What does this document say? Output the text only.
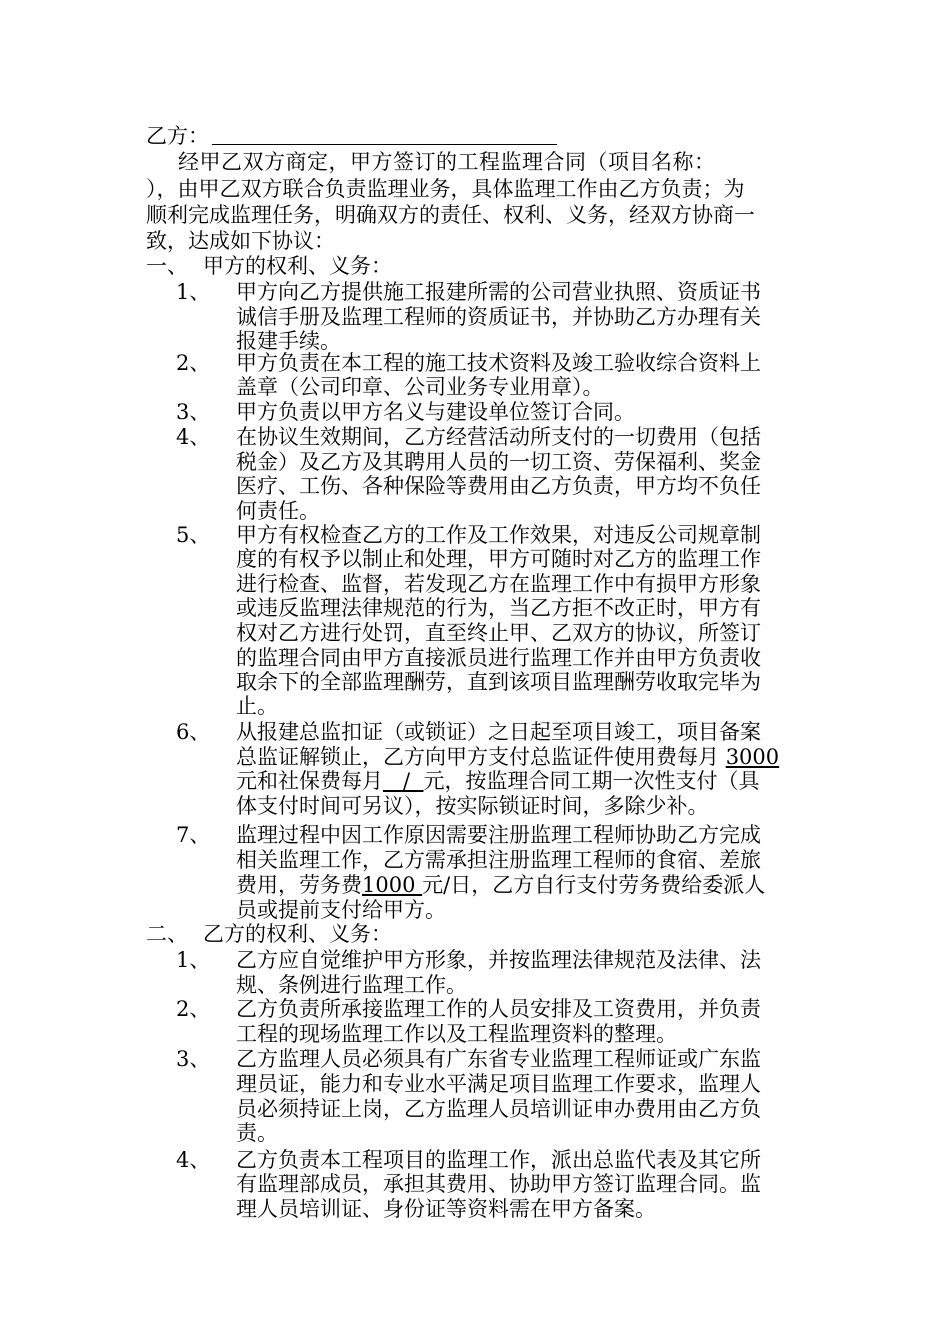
乙方：
经甲乙双方商定，甲方签订的工程监理合同（项目名称：
），由甲乙双方联合负责监理业务，具体监理工作由乙方负责；为
顺利完成监理任务，明确双方的责任、权利、义务，经双方协商一
致，达成如下协议：
一、 甲方的权利、义务：
1、 甲方向乙方提供施工报建所需的公司营业执照、资质证书
诚信手册及监理工程师的资质证书，并协助乙方办理有关
报建手续。
2、 甲方负责在本工程的施工技术资料及竣工验收综合资料上
盖章（公司印章、公司业务专业用章）。
3、 甲方负责以甲方名义与建设单位签订合同。
4、 在协议生效期间，乙方经营活动所支付的一切费用（包括
税金）及乙方及其聘用人员的一切工资、劳保福利、奖金
医疗、工伤、各种保险等费用由乙方负责，甲方均不负任
何责任。
5、 甲方有权检查乙方的工作及工作效果，对违反公司规章制
度的有权予以制止和处理，甲方可随时对乙方的监理工作
进行检查、监督，若发现乙方在监理工作中有损甲方形象
或违反监理法律规范的行为，当乙方拒不改正时，甲方有
权对乙方进行处罚，直至终止甲、乙双方的协议，所签订
的监理合同由甲方直接派员进行监理工作并由甲方负责收
取余下的全部监理酬劳，直到该项目监理酬劳收取完毕为
止。
6、 从报建总监扣证（或锁证）之日起至项目竣工，项目备案
总监证解锁止，乙方向甲方支付总监证件使用费每月 3000
元和社保费每月   /  元，按监理合同工期一次性支付（具
体支付时间可另议），按实际锁证时间，多除少补。
7、 监理过程中因工作原因需要注册监理工程师协助乙方完成
相关监理工作，乙方需承担注册监理工程师的食宿、差旅
费用，劳务费1000 元/日，乙方自行支付劳务费给委派人
员或提前支付给甲方。
二、 乙方的权利、义务：
1、 乙方应自觉维护甲方形象，并按监理法律规范及法律、法
规、条例进行监理工作。
2、 乙方负责所承接监理工作的人员安排及工资费用，并负责
工程的现场监理工作以及工程监理资料的整理。
3、 乙方监理人员必须具有广东省专业监理工程师证或广东监
理员证，能力和专业水平满足项目监理工作要求，监理人
员必须持证上岗，乙方监理人员培训证申办费用由乙方负
责。
4、 乙方负责本工程项目的监理工作，派出总监代表及其它所
有监理部成员，承担其费用、协助甲方签订监理合同。监
理人员培训证、身份证等资料需在甲方备案。
